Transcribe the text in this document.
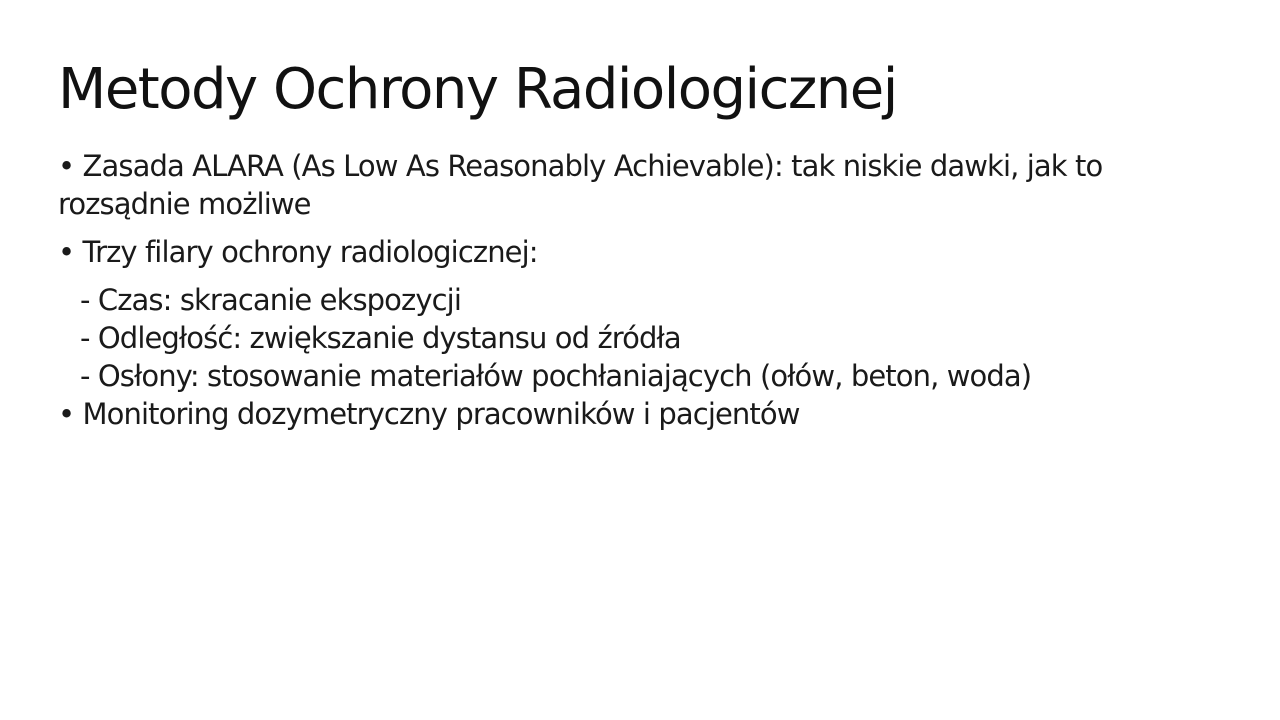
Metody Ochrony Radiologicznej
• Zasada ALARA (As Low As Reasonably Achievable): tak niskie dawki, jak to rozsądnie możliwe
• Trzy filary ochrony radiologicznej:
- Czas: skracanie ekspozycji
- Odległość: zwiększanie dystansu od źródła
- Osłony: stosowanie materiałów pochłaniających (ołów, beton, woda)
• Monitoring dozymetryczny pracowników i pacjentów
